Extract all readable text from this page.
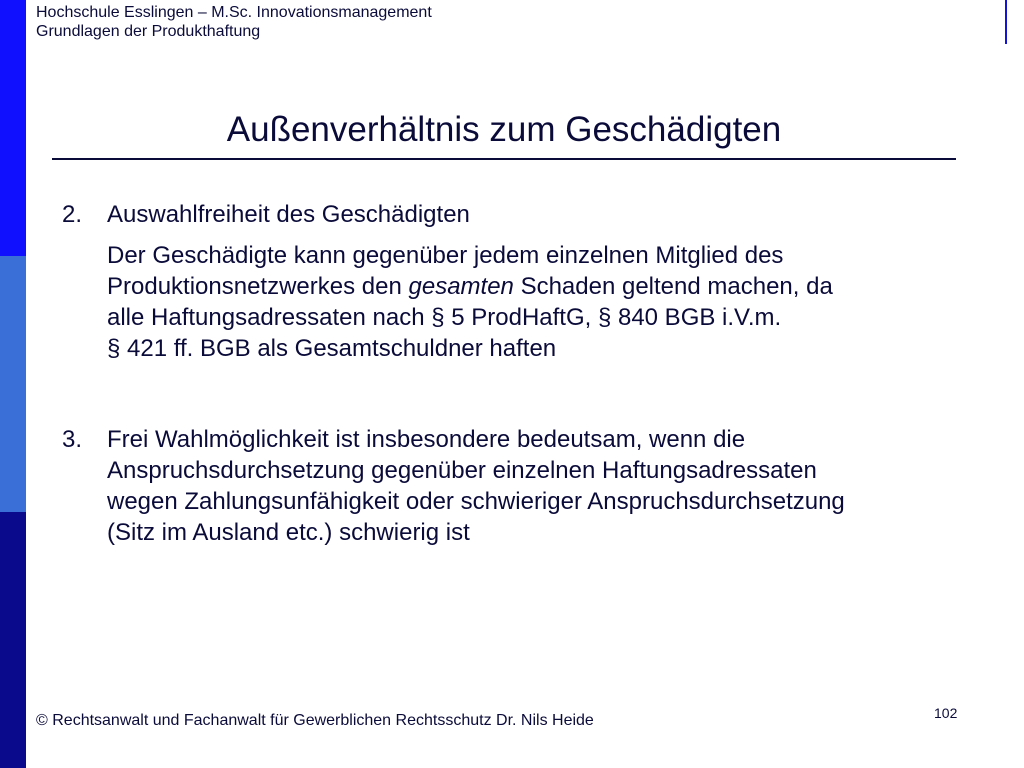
Hochschule Esslingen – M.Sc. Innovationsmanagement
Grundlagen der Produkthaftung
Außenverhältnis zum Geschädigten
2. Auswahlfreiheit des Geschädigten
Der Geschädigte kann gegenüber jedem einzelnen Mitglied des
Produktionsnetzwerkes den gesamten Schaden geltend machen, da
alle Haftungsadressaten nach § 5 ProdHaftG, § 840 BGB i.V.m.
§ 421 ff. BGB als Gesamtschuldner haften
3. Frei Wahlmöglichkeit ist insbesondere bedeutsam, wenn die
Anspruchsdurchsetzung gegenüber einzelnen Haftungsadressaten
wegen Zahlungsunfähigkeit oder schwieriger Anspruchsdurchsetzung
(Sitz im Ausland etc.) schwierig ist
© Rechtsanwalt und Fachanwalt für Gewerblichen Rechtsschutz Dr. Nils Heide	102
